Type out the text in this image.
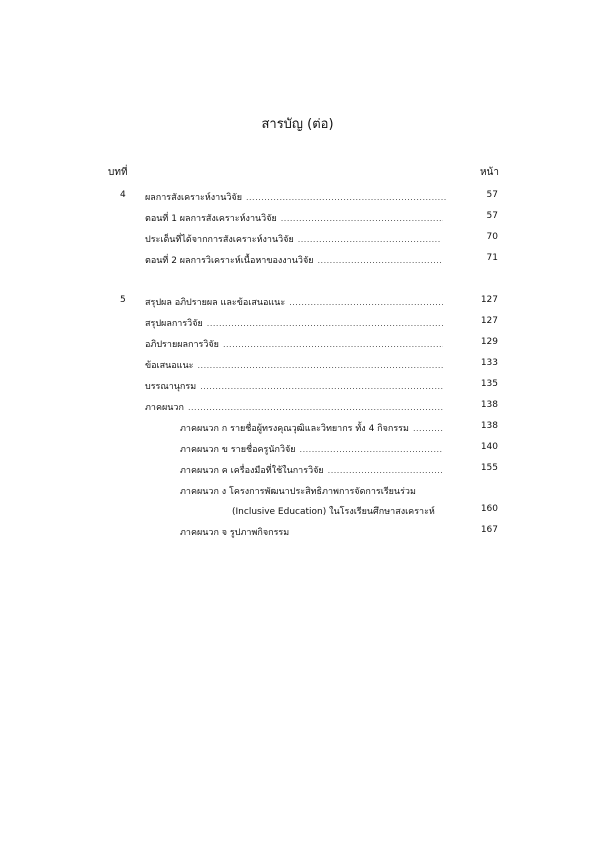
สารบัญ (ต่อ)
บทที่	หน้า
4	ผลการสังเคราะห์งานวิจัย .....	57
ตอนที่ 1 ผลการสังเคราะห์งานวิจัย .....	57
ประเด็นที่ได้จากการสังเคราะห์งานวิจัย .....	70
ตอนที่ 2 ผลการวิเคราะห์เนื้อหาของงานวิจัย .....	71
5	สรุปผล อภิปรายผล และข้อเสนอแนะ .....	127
สรุปผลการวิจัย .....	127
อภิปรายผลการวิจัย .....	129
ข้อเสนอแนะ .....	133
บรรณานุกรม .....	135
ภาคผนวก .....	138
ภาคผนวก ก รายชื่อผู้ทรงคุณวุฒิและวิทยากร ทั้ง 4 กิจกรรม .....	138
ภาคผนวก ข รายชื่อครูนักวิจัย .....	140
ภาคผนวก ค เครื่องมือที่ใช้ในการวิจัย .....	155
ภาคผนวก ง โครงการพัฒนาประสิทธิภาพการจัดการเรียนร่วม
(Inclusive Education) ในโรงเรียนศึกษาสงเคราะห์	160
ภาคผนวก จ รูปภาพกิจกรรม	167
